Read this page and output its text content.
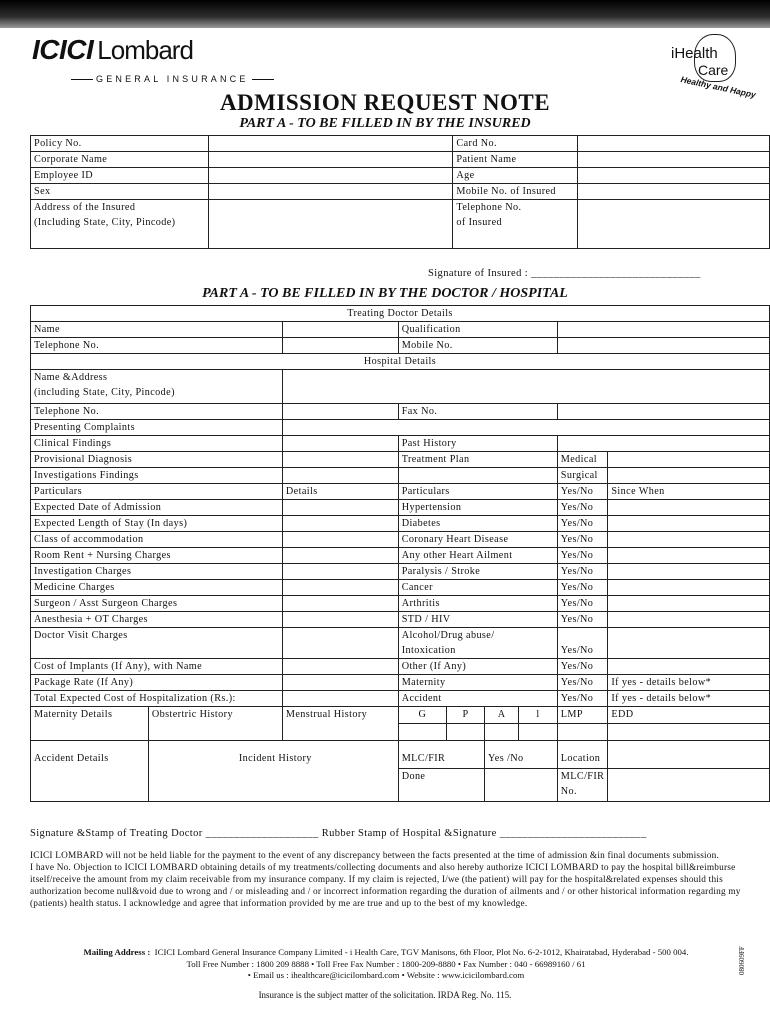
ICICI Lombard
GENERAL INSURANCE
iHealth
Care
Healthy and Happy
ADMISSION REQUEST NOTE
PART A - TO BE FILLED IN BY THE INSURED
Policy No.		Card No.	
Corporate Name		Patient Name	
Employee ID		Age	
Sex		Mobile No. of Insured	
Address of the Insured
(Including State, City, Pincode)		Telephone No.
of Insured	
Signature of Insured : ______________________________
PART A - TO BE FILLED IN BY THE DOCTOR / HOSPITAL
Treating Doctor Details								
Name			Qualification					
Telephone No.			Mobile No.					
Hospital Details								
Name &Address
(including State, City, Pincode)								
Telephone No.			Fax No.					
Presenting Complaints								
Clinical Findings			Past History					
Provisional Diagnosis			Treatment Plan				Medical	
Investigations Findings							Surgical	
Particulars		Details	Particulars				Yes/No	Since When
Expected Date of Admission			Hypertension				Yes/No	
Expected Length of Stay (In days)			Diabetes				Yes/No	
Class of accommodation			Coronary Heart Disease				Yes/No	
Room Rent + Nursing Charges			Any other Heart Ailment				Yes/No	
Investigation Charges			Paralysis / Stroke				Yes/No	
Medicine Charges			Cancer				Yes/No	
Surgeon / Asst Surgeon Charges			Arthritis				Yes/No	
Anesthesia + OT Charges			STD / HIV				Yes/No	
Doctor Visit Charges			Alcohol/Drug abuse/					
			Intoxication				Yes/No	
Cost of Implants (If Any), with Name			Other (If Any)				Yes/No	
Package Rate (If Any)			Maternity				Yes/No	If yes - details below*
Total Expected Cost of Hospitalization (Rs.):			Accident				Yes/No	If yes - details below*
Maternity Details	Obstertric History	Menstrual History	G	P	A	l	LMP	EDD

Accident Details	Incident History		MLC/FIR		Yes /No		Location	
			Done				MLC/FIR
No.	
Signature &Stamp of Treating Doctor ____________________ Rubber Stamp of Hospital &Signature __________________________

ICICI LOMBARD will not be held liable for the payment to the event of any discrepancy between the facts presented at the time of admission &in final documents submission.

I have No. Objection to ICICI LOMBARD obtaining details of my treatments/collecting documents and also hereby authorize ICICI LOMBARD to pay the hospital bill&reimburse itself/receive the amount from my claim receivable from my insurance company. If my claim is rejected, I/we (the patient) will pay for the hospital&related expenses should this authorization become null&void due to wrong and / or misleading and / or incorrect information regarding the duration of ailments and / or other historical information regarding my (patients) health status. I acknowledge and agree that information provided by me are true and up to the best of my knowledge.

Mailing Address : ICICI Lombard General Insurance Company Limited - i Health Care, TGV Manisons, 6th Floor, Plot No. 6-2-1012, Khairatabad, Hyderabad - 500 004.
Toll Free Number : 1800 209 8888 • Toll Free Fax Number : 1800-209-8880 • Fax Number : 040 - 66989160 / 61
• Email us : ihealthcare@icicilombard.com • Website : www.icicilombard.com
Insurance is the subject matter of the solicitation. IRDA Reg. No. 115.
080609FF
